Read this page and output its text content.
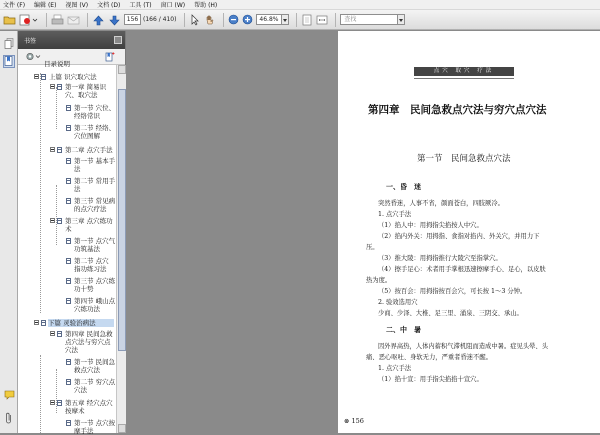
文件 (F) 编辑 (E) 视图 (V) 文档 (D) 工具 (T) 窗口 (W) 帮助 (H)
156 (166 / 410)	46.8%	查找
书签
目录说明
上篇 识穴取穴法
第一章 简易识
穴、取穴法
第一节 穴位、
经络常识
第二节 经络、
穴位图解
第二章 点穴手法
第一节 基本手
法
第二节 常用手
法
第三节 常见病
的点穴疗法
第三章 点穴练功
术
第一节 点穴气
功筑基法
第二节 点穴
指功练习法
第三节 点穴练
功十势
第四节 峨山点
穴练功法
下篇 灵验治病法
第四章 民间急救
点穴法与穷穴点
穴法
第一节 民间急
救点穴法
第二节 穷穴点
穴法
第五章 经穴点穴
按摩术
第一节 点穴按
摩手法
点穴 取穴 疗法
第四章　民间急救点穴法与穷穴点穴法
第一节　民间急救点穴法
一、昏　迷
突然昏迷，人事不省，颜面苍白，四肢厥冷。
1. 点穴手法
（1）掐人中：用拇指尖掐按人中穴。
（2）掐内外关：用拇指、食指对掐内、外关穴，并用力下
压。
（3）推大陵：用拇指推行大陵穴至指掌穴。
（4）擦手足心：术者用手掌根迅速擦摩手心、足心，以皮肤
热为度。
（5）按百会：用拇指按百会穴，可长按 1～3 分钟。
2. 验效选用穴
少商、少泽、大椎、足三里、涌泉、三阴交、承山。
二、中　暑
因外界高热，人体内蓄积气滞机阻而造成中暑。症见头晕、头
痛、恶心呕吐、身软无力，严重者昏迷不醒。
1. 点穴手法
（1）掐十宣：用手指尖掐掐十宣穴。
⊗ 156
